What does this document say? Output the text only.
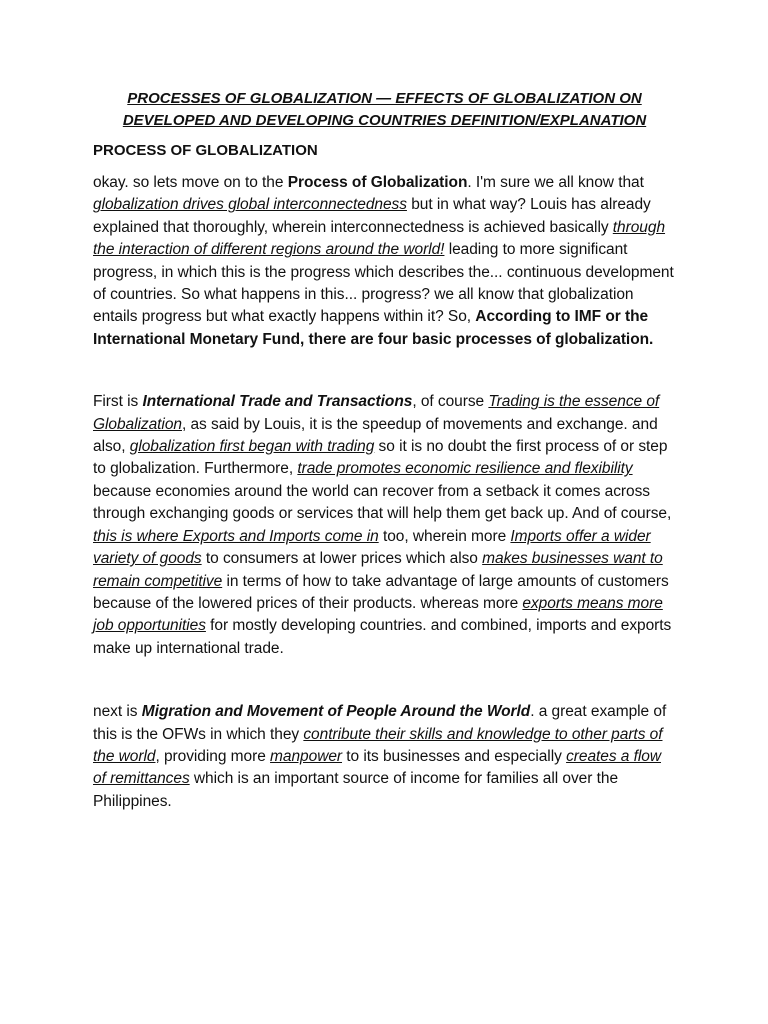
PROCESSES OF GLOBALIZATION — EFFECTS OF GLOBALIZATION ON
DEVELOPED AND DEVELOPING COUNTRIES DEFINITION/EXPLANATION
PROCESS OF GLOBALIZATION

okay. so lets move on to the Process of Globalization. I'm sure we all know that globalization drives global interconnectedness but in what way? Louis has already explained that thoroughly, wherein interconnectedness is achieved basically through the interaction of different regions around the world! leading to more significant progress, in which this is the progress which describes the... continuous development of countries. So what happens in this... progress? we all know that globalization entails progress but what exactly happens within it? So, According to IMF or the International Monetary Fund, there are four basic processes of globalization.

First is International Trade and Transactions, of course Trading is the essence of Globalization, as said by Louis, it is the speedup of movements and exchange. and also, globalization first began with trading so it is no doubt the first process of or step to globalization. Furthermore, trade promotes economic resilience and flexibility because economies around the world can recover from a setback it comes across through exchanging goods or services that will help them get back up. And of course, this is where Exports and Imports come in too, wherein more Imports offer a wider variety of goods to consumers at lower prices which also makes businesses want to remain competitive in terms of how to take advantage of large amounts of customers because of the lowered prices of their products. whereas more exports means more job opportunities for mostly developing countries. and combined, imports and exports make up international trade.

next is Migration and Movement of People Around the World. a great example of this is the OFWs in which they contribute their skills and knowledge to other parts of the world, providing more manpower to its businesses and especially creates a flow of remittances which is an important source of income for families all over the Philippines.
